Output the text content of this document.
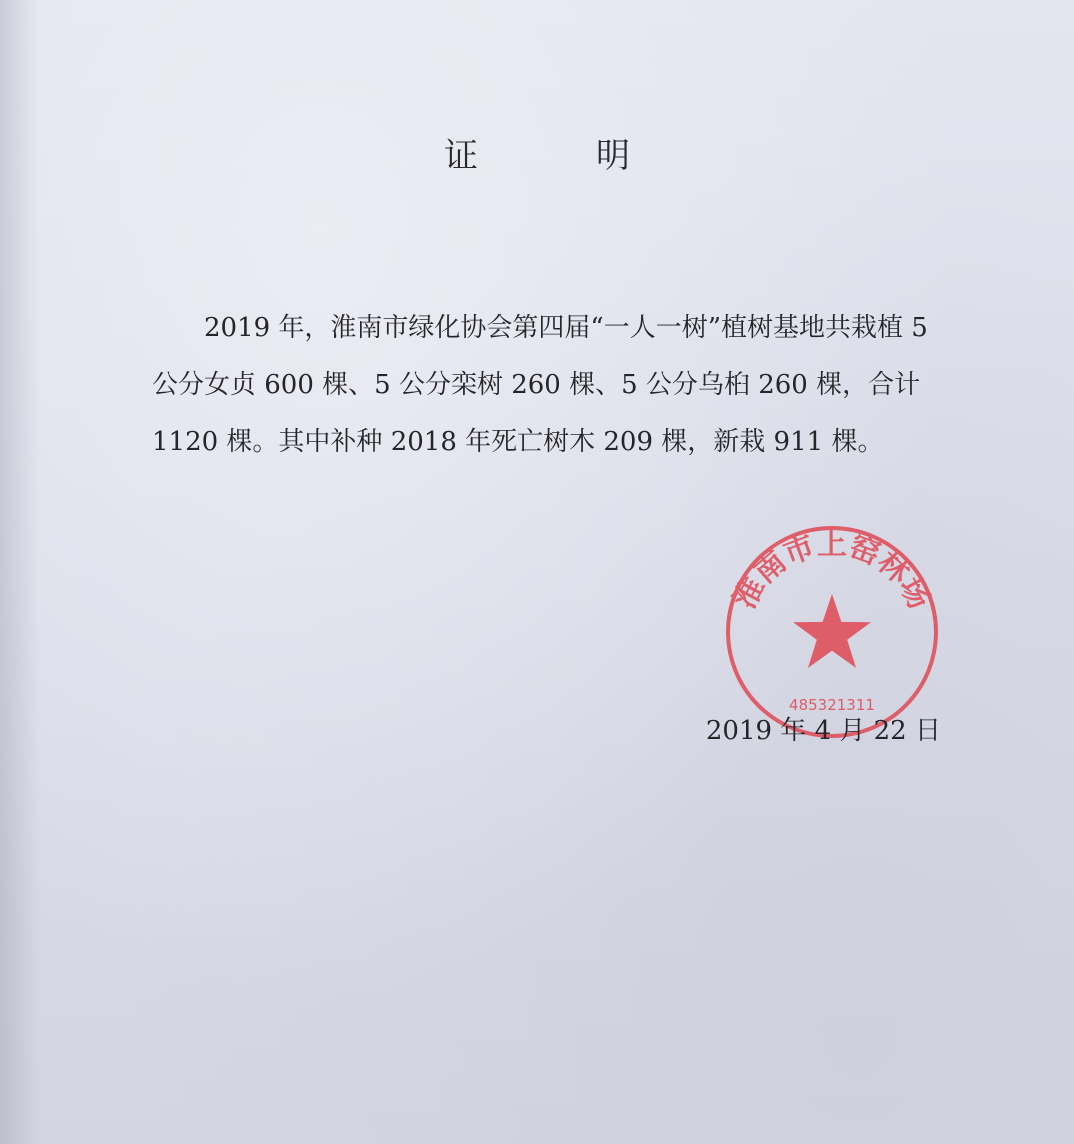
证　明
2019 年，淮南市绿化协会第四届“一人一树”植树基地共栽植 5 公分女贞 600 棵、5 公分栾树 260 棵、5 公分乌桕 260 棵，合计 1120 棵。其中补种 2018 年死亡树木 209 棵，新栽 911 棵。
淮南市上窑林场
485321311
2019 年 4 月 22 日
